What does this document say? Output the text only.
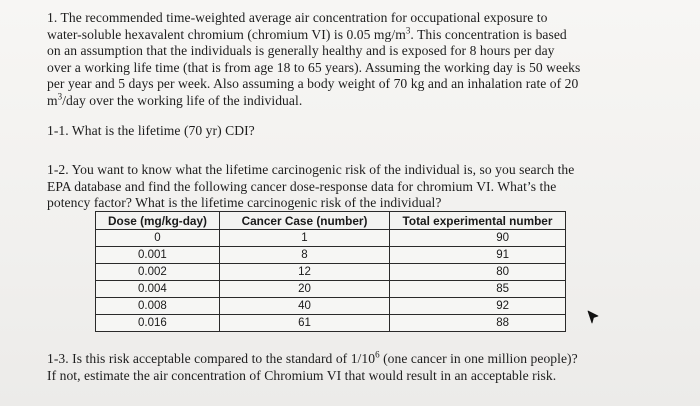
1. The recommended time-weighted average air concentration for occupational exposure to
water-soluble hexavalent chromium (chromium VI) is 0.05 $mg/m^3$. This concentration is based
on an assumption that the individuals is generally healthy and is exposed for 8 hours per day
over a working life time (that is from age 18 to 65 years). Assuming the working day is 50 weeks
per year and 5 days per week. Also assuming a body weight of 70 kg and an inhalation rate of 20
$m^3$/day over the working life of the individual.

1-1. What is the lifetime (70 yr) CDI?

1-2. You want to know what the lifetime carcinogenic risk of the individual is, so you search the
EPA database and find the following cancer dose-response data for chromium VI. What’s the
potency factor? What is the lifetime carcinogenic risk of the individual?

Dose (mg/kg-day)	Cancer Case (number)	Total experimental number
0	1	90
0.001	8	91
0.002	12	80
0.004	20	85
0.008	40	92
0.016	61	88

1-3. Is this risk acceptable compared to the standard of $1/10^6$ (one cancer in one million people)?
If not, estimate the air concentration of Chromium VI that would result in an acceptable risk.
